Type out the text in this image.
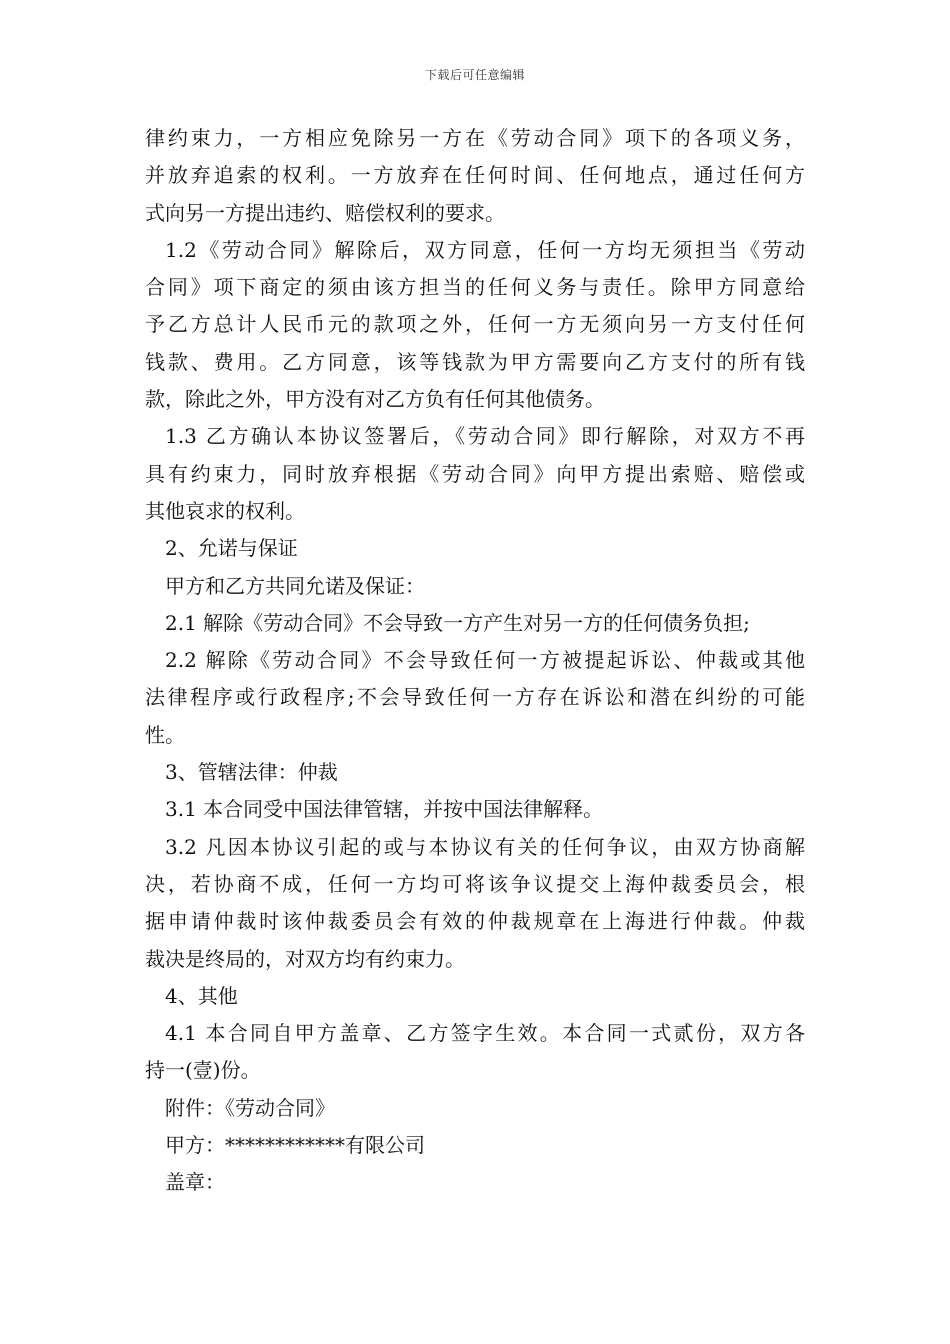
下载后可任意编辑
律约束力，一方相应免除另一方在《劳动合同》项下的各项义务，
并放弃追索的权利。一方放弃在任何时间、任何地点，通过任何方
式向另一方提出违约、赔偿权利的要求。
1.2《劳动合同》解除后，双方同意，任何一方均无须担当《劳动
合同》项下商定的须由该方担当的任何义务与责任。除甲方同意给
予乙方总计人民币元的款项之外，任何一方无须向另一方支付任何
钱款、费用。乙方同意，该等钱款为甲方需要向乙方支付的所有钱
款，除此之外，甲方没有对乙方负有任何其他债务。
1.3 乙方确认本协议签署后，《劳动合同》即行解除，对双方不再
具有约束力，同时放弃根据《劳动合同》向甲方提出索赔、赔偿或
其他哀求的权利。
2、允诺与保证
甲方和乙方共同允诺及保证：
2.1 解除《劳动合同》不会导致一方产生对另一方的任何债务负担;
2.2 解除《劳动合同》不会导致任何一方被提起诉讼、仲裁或其他
法律程序或行政程序;不会导致任何一方存在诉讼和潜在纠纷的可能
性。
3、管辖法律：仲裁
3.1 本合同受中国法律管辖，并按中国法律解释。
3.2 凡因本协议引起的或与本协议有关的任何争议，由双方协商解
决，若协商不成，任何一方均可将该争议提交上海仲裁委员会，根
据申请仲裁时该仲裁委员会有效的仲裁规章在上海进行仲裁。仲裁
裁决是终局的，对双方均有约束力。
4、其他
4.1 本合同自甲方盖章、乙方签字生效。本合同一式贰份，双方各
持一(壹)份。
附件：《劳动合同》
甲方：************有限公司
盖章：
